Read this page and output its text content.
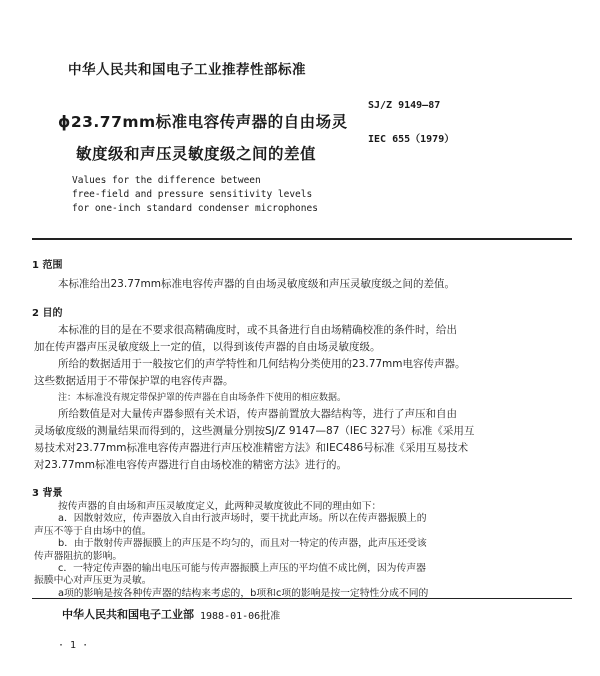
中华人民共和国电子工业推荐性部标准
SJ/Z 9149—87
IEC 655（1979）
ϕ23.77mm标准电容传声器的自由场灵
敏度级和声压灵敏度级之间的差值
Values for the difference between
free-field and pressure sensitivity levels
for one-inch standard condenser microphones
1 范围
本标准给出23.77mm标准电容传声器的自由场灵敏度级和声压灵敏度级之间的差值。
2 目的
本标准的目的是在不要求很高精确度时，或不具备进行自由场精确校准的条件时，给出
加在传声器声压灵敏度级上一定的值，以得到该传声器的自由场灵敏度级。
所给的数据适用于一般按它们的声学特性和几何结构分类使用的23.77mm电容传声器。
这些数据适用于不带保护罩的电容传声器。
注：本标准没有规定带保护罩的传声器在自由场条件下使用的相应数据。
所给数值是对大量传声器参照有关术语，传声器前置放大器结构等，进行了声压和自由
灵场敏度级的测量结果而得到的，这些测量分别按SJ/Z 9147—87（IEC 327号）标准《采用互
易技术对23.77mm标准电容传声器进行声压校准精密方法》和IEC486号标准《采用互易技术
对23.77mm标准电容传声器进行自由场校准的精密方法》进行的。
3 背景
中华人民共和国电子工业部 1988-01-06批准
· 1 ·
按传声器的自由场和声压灵敏度定义，此两种灵敏度彼此不同的理由如下：
a．因散射效应，传声器放入自由行波声场时，要干扰此声场。所以在传声器振膜上的
声压不等于自由场中的值。
b．由于散射传声器振膜上的声压是不均匀的，而且对一特定的传声器，此声压还受该
传声器阻抗的影响。
c．一特定传声器的输出电压可能与传声器振膜上声压的平均值不成比例，因为传声器
振膜中心对声压更为灵敏。
a项的影响是按各种传声器的结构来考虑的，b项和c项的影响是按一定特性分成不同的
